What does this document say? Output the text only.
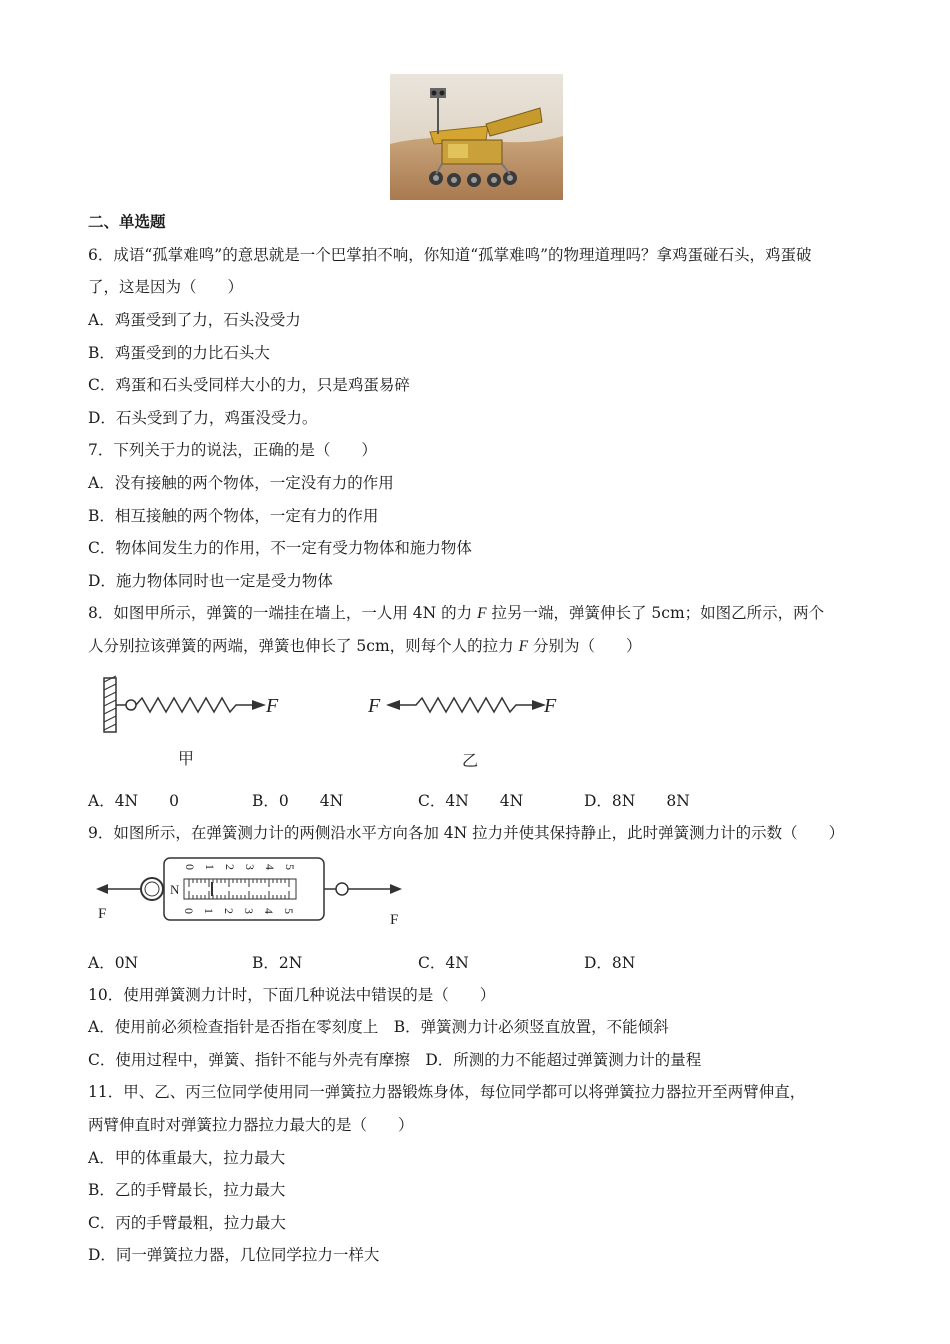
二、单选题
6．成语“孤掌难鸣”的意思就是一个巴掌拍不响，你知道“孤掌难鸣”的物理道理吗？拿鸡蛋碰石头，鸡蛋破
了，这是因为（　　）
A．鸡蛋受到了力，石头没受力
B．鸡蛋受到的力比石头大
C．鸡蛋和石头受同样大小的力，只是鸡蛋易碎
D．石头受到了力，鸡蛋没受力。
7．下列关于力的说法，正确的是（　　）
A．没有接触的两个物体，一定没有力的作用
B．相互接触的两个物体，一定有力的作用
C．物体间发生力的作用，不一定有受力物体和施力物体
D．施力物体同时也一定是受力物体
8．如图甲所示，弹簧的一端挂在墙上，一人用 4N 的力 F 拉另一端，弹簧伸长了 5cm；如图乙所示，两个
人分别拉该弹簧的两端，弹簧也伸长了 5cm，则每个人的拉力 F 分别为（　　）
F
甲
F	F
乙
A．4N　　0	B．0　　4N	C．4N　　4N	D．8N　　8N
9．如图所示，在弹簧测力计的两侧沿水平方向各加 4N 拉力并使其保持静止，此时弹簧测力计的示数（　　）
F
N
0 1 2 3 4 5
0 1 2 3 4 5
F
A．0N	B．2N	C．4N	D．8N
10．使用弹簧测力计时，下面几种说法中错误的是（　　）
A．使用前必须检查指针是否指在零刻度上　B．弹簧测力计必须竖直放置，不能倾斜
C．使用过程中，弹簧、指针不能与外壳有摩擦　D．所测的力不能超过弹簧测力计的量程
11．甲、乙、丙三位同学使用同一弹簧拉力器锻炼身体，每位同学都可以将弹簧拉力器拉开至两臂伸直，
两臂伸直时对弹簧拉力器拉力最大的是（　　）
A．甲的体重最大，拉力最大
B．乙的手臂最长，拉力最大
C．丙的手臂最粗，拉力最大
D．同一弹簧拉力器，几位同学拉力一样大
